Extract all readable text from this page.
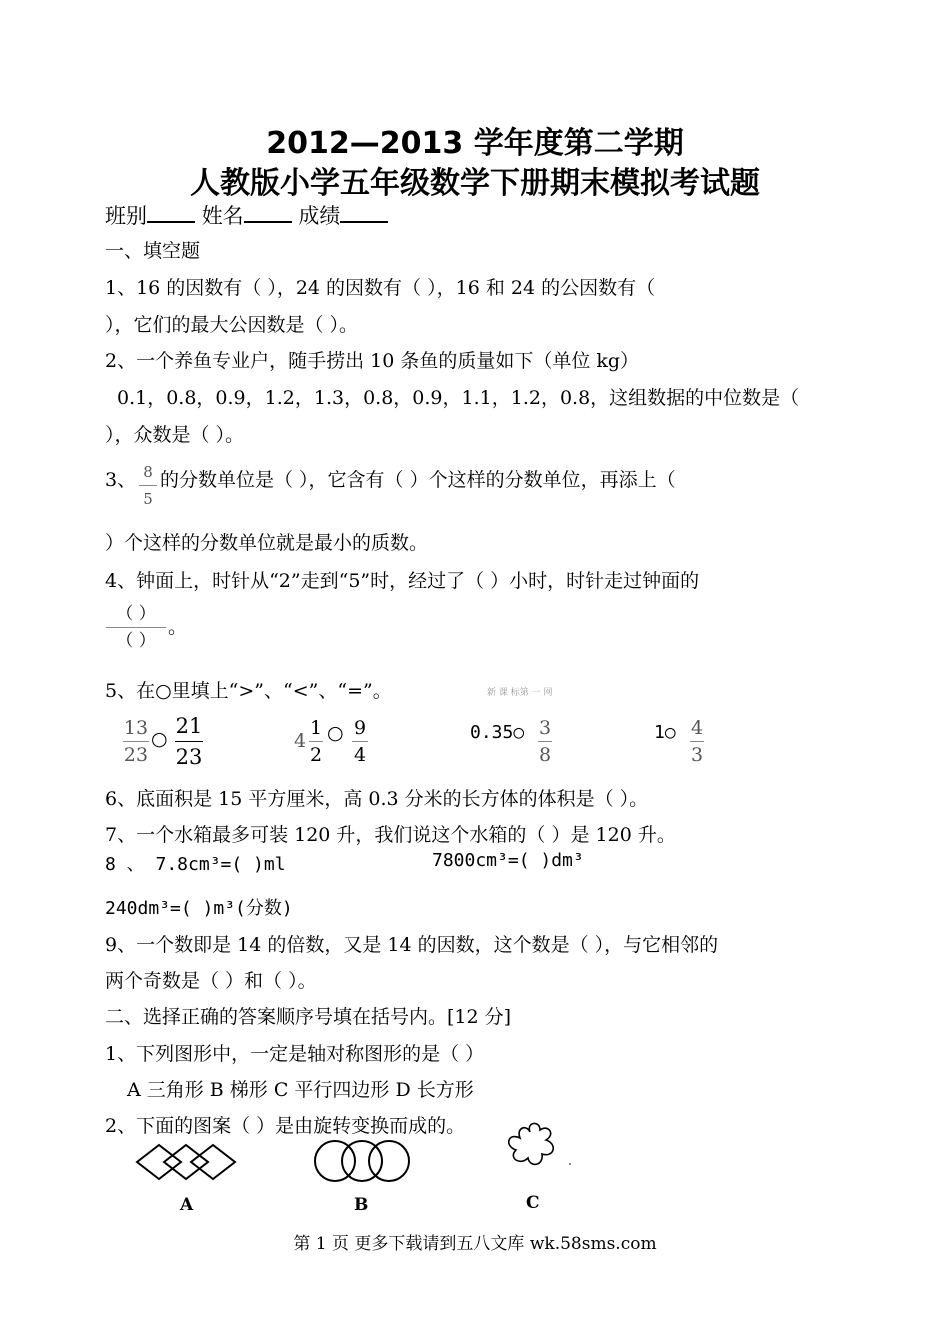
2012—2013 学年度第二学期
人教版小学五年级数学下册期末模拟考试题
班别	姓名	成绩
一、填空题
1、16 的因数有（ ），24 的因数有（ ），16 和 24 的公因数有（
），它们的最大公因数是（ ）。
2、一个养鱼专业户，随手捞出 10 条鱼的质量如下（单位 kg）
0.1，0.8，0.9，1.2，1.3，0.8，0.9，1.1，1.2，0.8，这组数据的中位数是（
），众数是（ ）。
3、 8
5
的分数单位是（ ），它含有（ ）个这样的分数单位，再添上（
）个这样的分数单位就是最小的质数。
4、钟面上，时针从“2”走到“5”时，经过了（ ）小时，时针走过钟面的
（ ）
（ ）
。
5、在○里填上“>”、“<”、“=”。	新 课 标第 一 网
13
23
○
21
23
4
1
2
○ 9
4
0.35○ 3
8
1○ 4
3
6、底面积是 15 平方厘米，高 0.3 分米的长方体的体积是（ ）。
7、一个水箱最多可装 120 升，我们说这个水箱的（ ）是 120 升。
8 、 7.8cm³=( )ml	7800cm³=( )dm³
240dm³=( )m³(分数)
9、一个数即是 14 的倍数，又是 14 的因数，这个数是（ ），与它相邻的
两个奇数是（ ）和（ ）。
二、选择正确的答案顺序号填在括号内。[12 分]
1、下列图形中，一定是轴对称图形的是（ ）
A 三角形 B 梯形 C 平行四边形 D 长方形
2、下面的图案（ ）是由旋转变换而成的。
A	B	C
第 1 页 更多下载请到五八文库 wk.58sms.com
